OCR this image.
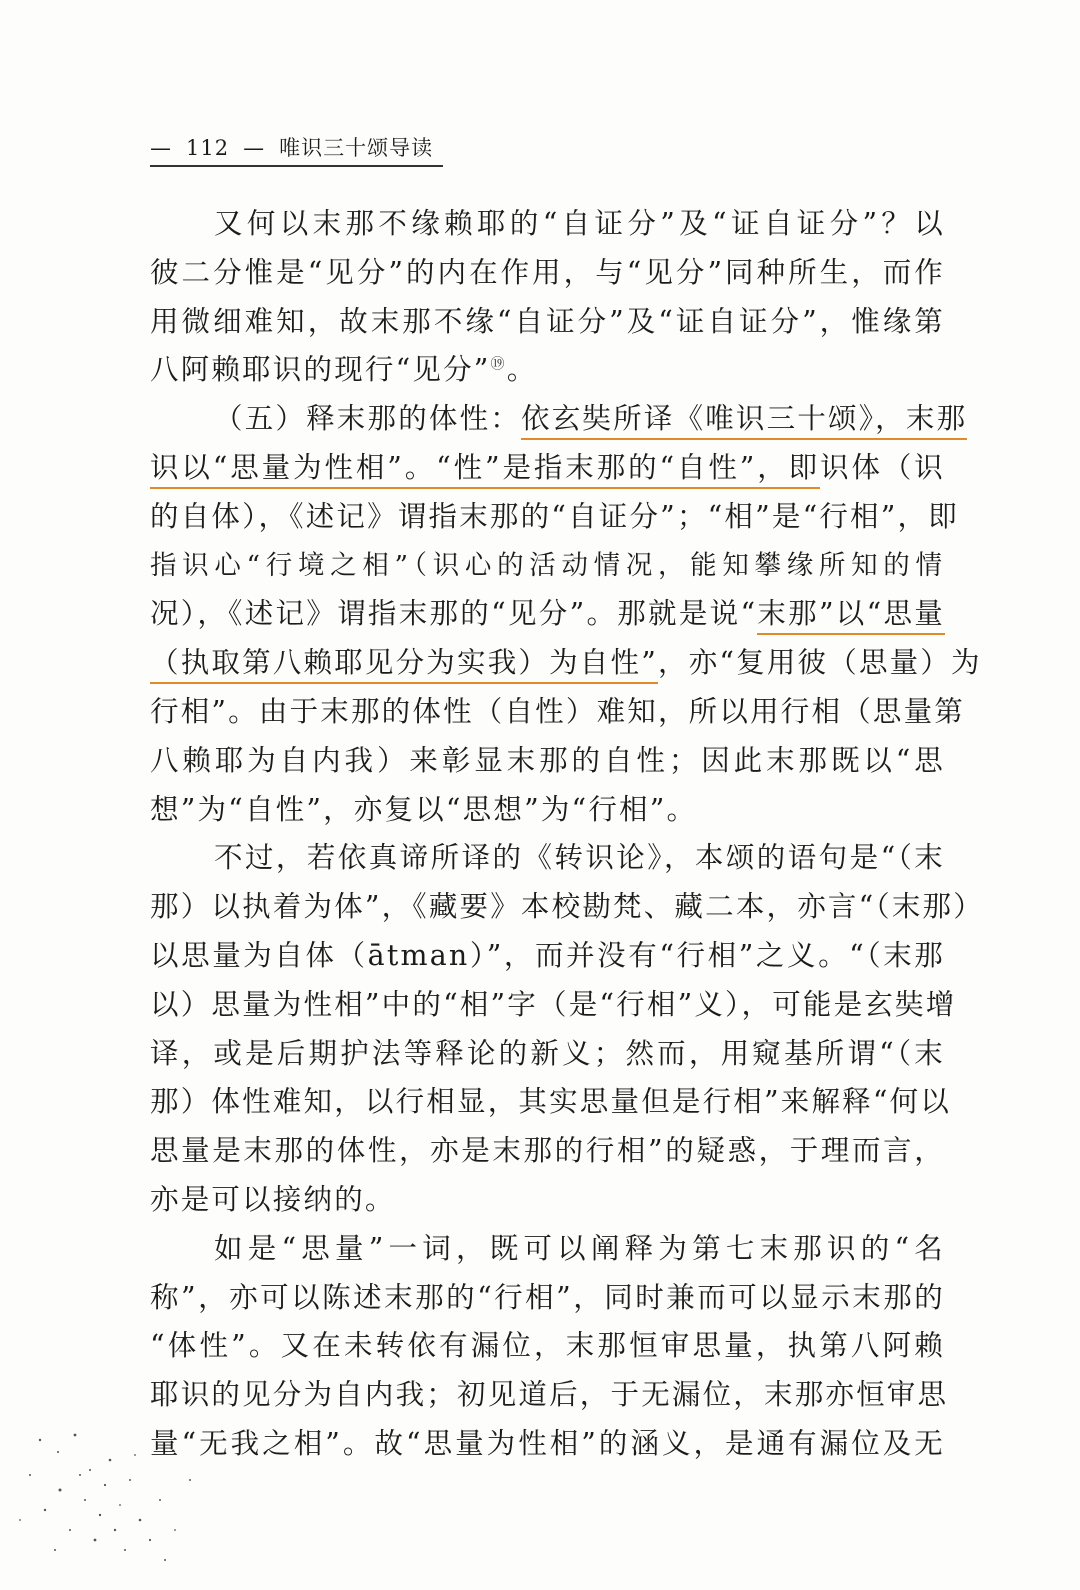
— 112 — 唯识三十颂导读
又何以末那不缘赖耶的“自证分”及“证自证分”？以
彼二分惟是“见分”的内在作用，与“见分”同种所生，而作
用微细难知，故末那不缘“自证分”及“证自证分”，惟缘第
八阿赖耶识的现行“见分”⑲。
（五）释末那的体性：依玄奘所译《唯识三十颂》，末那
识以“思量为性相”。“性”是指末那的“自性”，即识体（识
的自体），《述记》谓指末那的“自证分”；“相”是“行相”，即
指识心“行境之相”（识心的活动情况，能知攀缘所知的情
况），《述记》谓指末那的“见分”。那就是说“末那”以“思量
（执取第八赖耶见分为实我）为自性”，亦“复用彼（思量）为
行相”。由于末那的体性（自性）难知，所以用行相（思量第
八赖耶为自内我）来彰显末那的自性；因此末那既以“思
想”为“自性”，亦复以“思想”为“行相”。
不过，若依真谛所译的《转识论》，本颂的语句是“（末
那）以执着为体”，《藏要》本校勘梵、藏二本，亦言“（末那）
以思量为自体（ātman）”，而并没有“行相”之义。“（末那
以）思量为性相”中的“相”字（是“行相”义），可能是玄奘增
译，或是后期护法等释论的新义；然而，用窥基所谓“（末
那）体性难知，以行相显，其实思量但是行相”来解释“何以
思量是末那的体性，亦是末那的行相”的疑惑，于理而言，
亦是可以接纳的。
如是“思量”一词，既可以阐释为第七末那识的“名
称”，亦可以陈述末那的“行相”，同时兼而可以显示末那的
“体性”。又在未转依有漏位，末那恒审思量，执第八阿赖
耶识的见分为自内我；初见道后，于无漏位，末那亦恒审思
量“无我之相”。故“思量为性相”的涵义，是通有漏位及无
